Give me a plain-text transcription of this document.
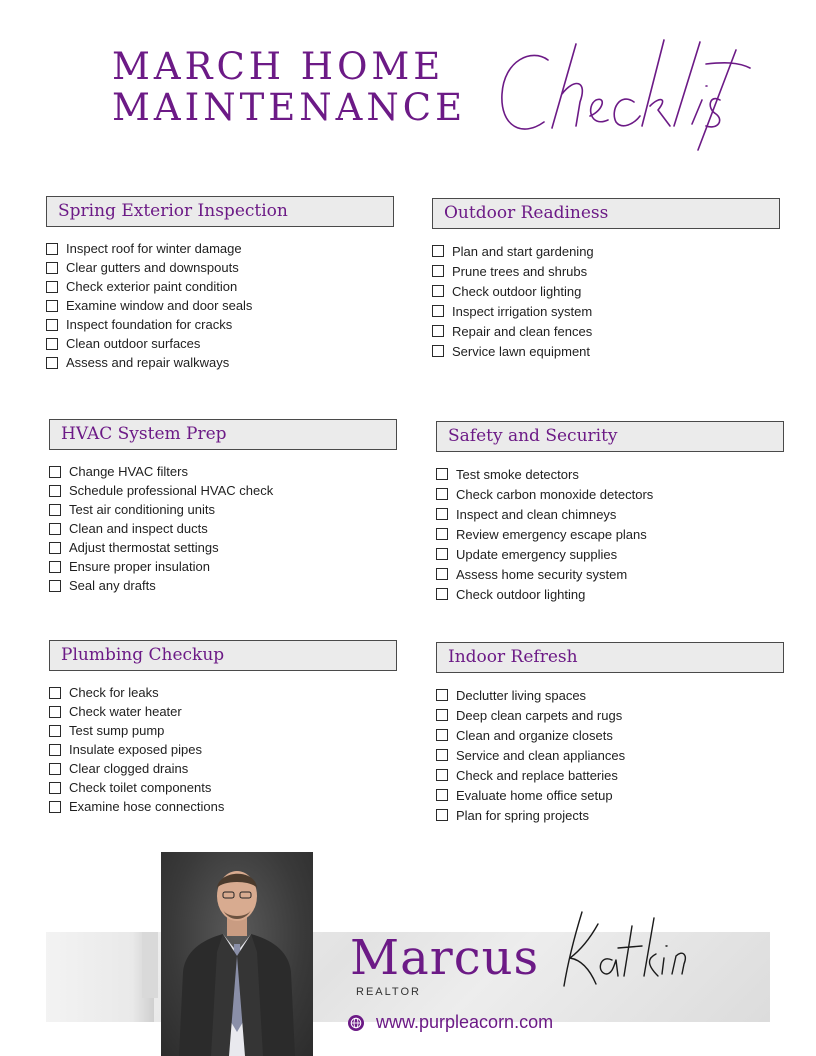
MARCH HOME
MAINTENANCE
Spring Exterior Inspection
Inspect roof for winter damage
Clear gutters and downspouts
Check exterior paint condition
Examine window and door seals
Inspect foundation for cracks
Clean outdoor surfaces
Assess and repair walkways
Outdoor Readiness
Plan and start gardening
Prune trees and shrubs
Check outdoor lighting
Inspect irrigation system
Repair and clean fences
Service lawn equipment
HVAC System Prep
Change HVAC filters
Schedule professional HVAC check
Test air conditioning units
Clean and inspect ducts
Adjust thermostat settings
Ensure proper insulation
Seal any drafts
Safety and Security
Test smoke detectors
Check carbon monoxide detectors
Inspect and clean chimneys
Review emergency escape plans
Update emergency supplies
Assess home security system
Check outdoor lighting
Plumbing Checkup
Check for leaks
Check water heater
Test sump pump
Insulate exposed pipes
Clear clogged drains
Check toilet components
Examine hose connections
Indoor Refresh
Declutter living spaces
Deep clean carpets and rugs
Clean and organize closets
Service and clean appliances
Check and replace batteries
Evaluate home office setup
Plan for spring projects
Marcus
REALTOR
www.purpleacorn.com
